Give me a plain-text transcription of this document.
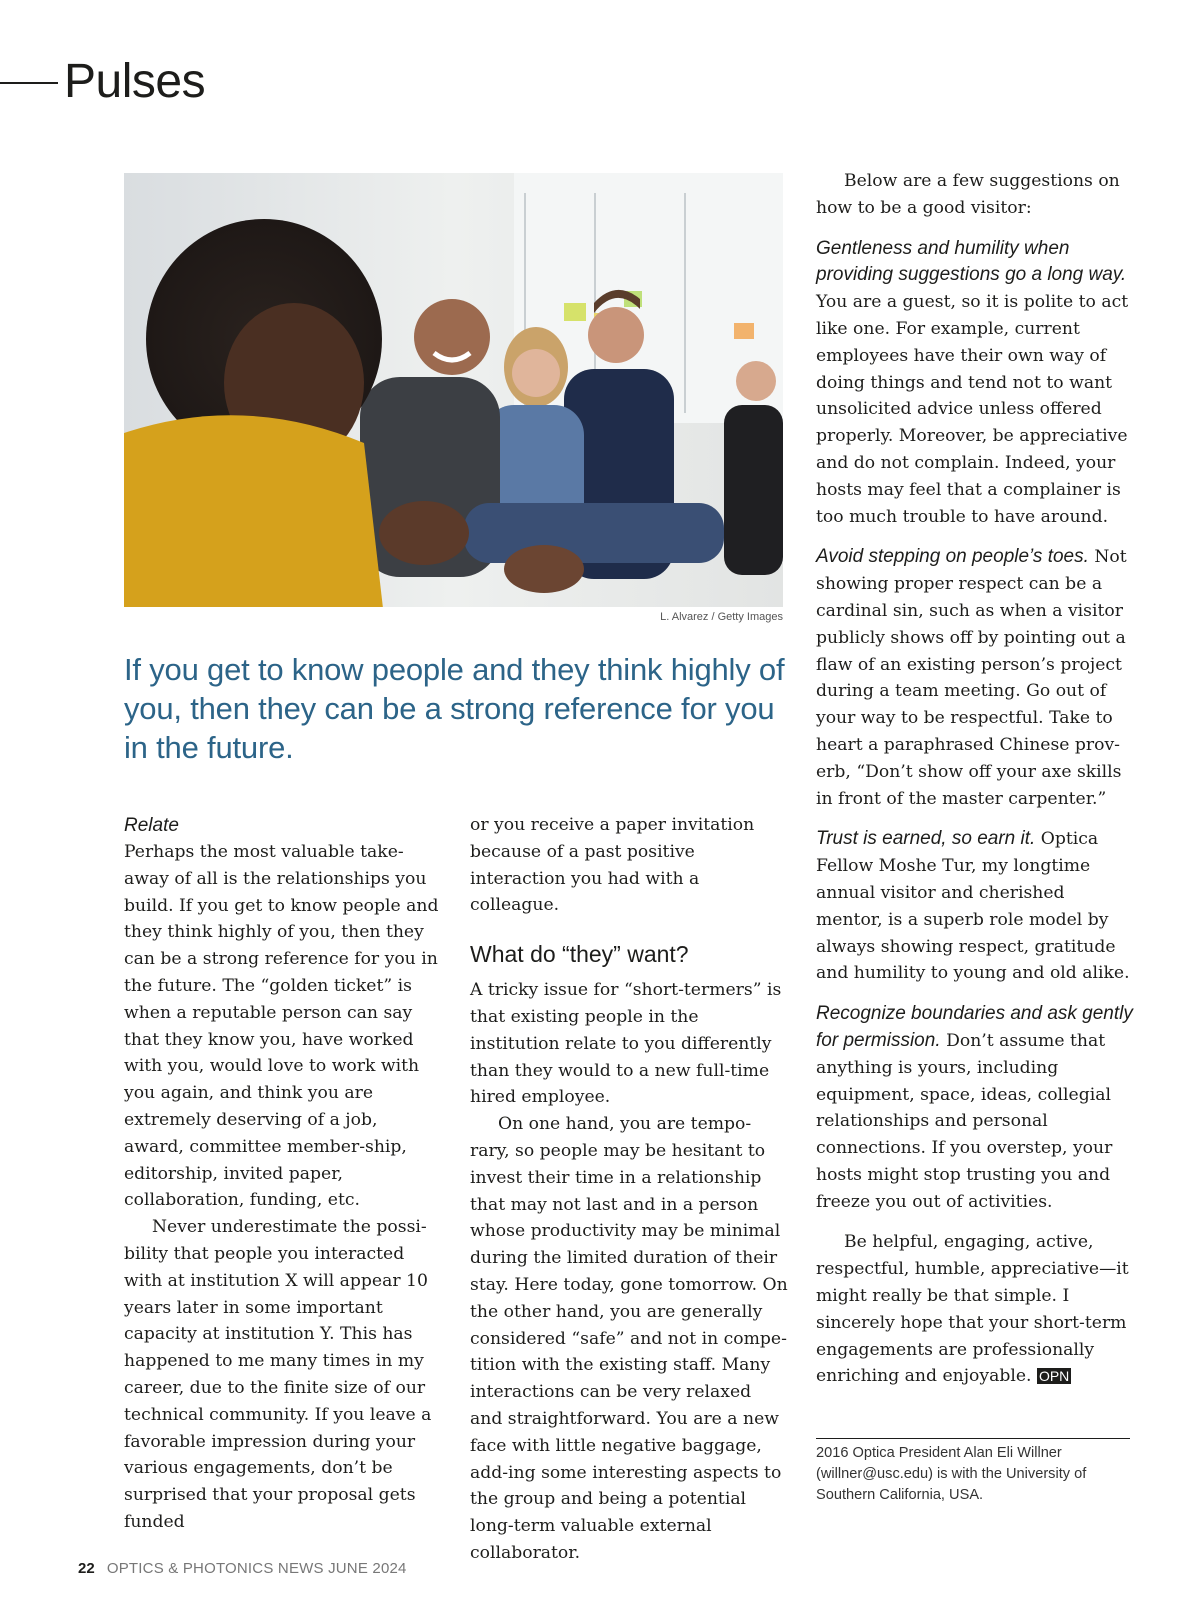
Pulses
L. Alvarez / Getty Images
If you get to know people and they think highly of you, then they can be a strong reference for you in the future.
Relate

Perhaps the most valuable take-away of all is the relationships you build. If you get to know people and they think highly of you, then they can be a strong reference for you in the future. The “golden ticket” is when a reputable person can say that they know you, have worked with you, would love to work with you again, and think you are extremely deserving of a job, award, committee member-ship, editorship, invited paper, collaboration, funding, etc.

Never underestimate the possi-bility that people you interacted with at institution X will appear 10 years later in some important capacity at institution Y. This has happened to me many times in my career, due to the finite size of our technical community. If you leave a favorable impression during your various engagements, don’t be surprised that your proposal gets funded

or you receive a paper invitation because of a past positive interaction you had with a colleague.

What do “they” want?

A tricky issue for “short-termers” is that existing people in the institution relate to you differently than they would to a new full-time hired employee.

On one hand, you are tempo-rary, so people may be hesitant to invest their time in a relationship that may not last and in a person whose productivity may be minimal during the limited duration of their stay. Here today, gone tomorrow. On the other hand, you are generally considered “safe” and not in compe-tition with the existing staff. Many interactions can be very relaxed and straightforward. You are a new face with little negative baggage, add-ing some interesting aspects to the group and being a potential long-term valuable external collaborator.

Below are a few suggestions on how to be a good visitor:

Gentleness and humility when providing suggestions go a long way. You are a guest, so it is polite to act like one. For example, current employees have their own way of doing things and tend not to want unsolicited advice unless offered properly. Moreover, be appreciative and do not complain. Indeed, your hosts may feel that a complainer is too much trouble to have around.

Avoid stepping on people’s toes. Not showing proper respect can be a cardinal sin, such as when a visitor publicly shows off by pointing out a flaw of an existing person’s project during a team meeting. Go out of your way to be respectful. Take to heart a paraphrased Chinese prov-erb, “Don’t show off your axe skills in front of the master carpenter.”

Trust is earned, so earn it. Optica Fellow Moshe Tur, my longtime annual visitor and cherished mentor, is a superb role model by always showing respect, gratitude and humility to young and old alike.

Recognize boundaries and ask gently for permission. Don’t assume that anything is yours, including equipment, space, ideas, collegial relationships and personal connections. If you overstep, your hosts might stop trusting you and freeze you out of activities.

Be helpful, engaging, active, respectful, humble, appreciative—it might really be that simple. I sincerely hope that your short-term engagements are professionally enriching and enjoyable. OPN

2016 Optica President Alan Eli Willner (willner@usc.edu) is with the University of Southern California, USA.
22 OPTICS & PHOTONICS NEWS JUNE 2024
